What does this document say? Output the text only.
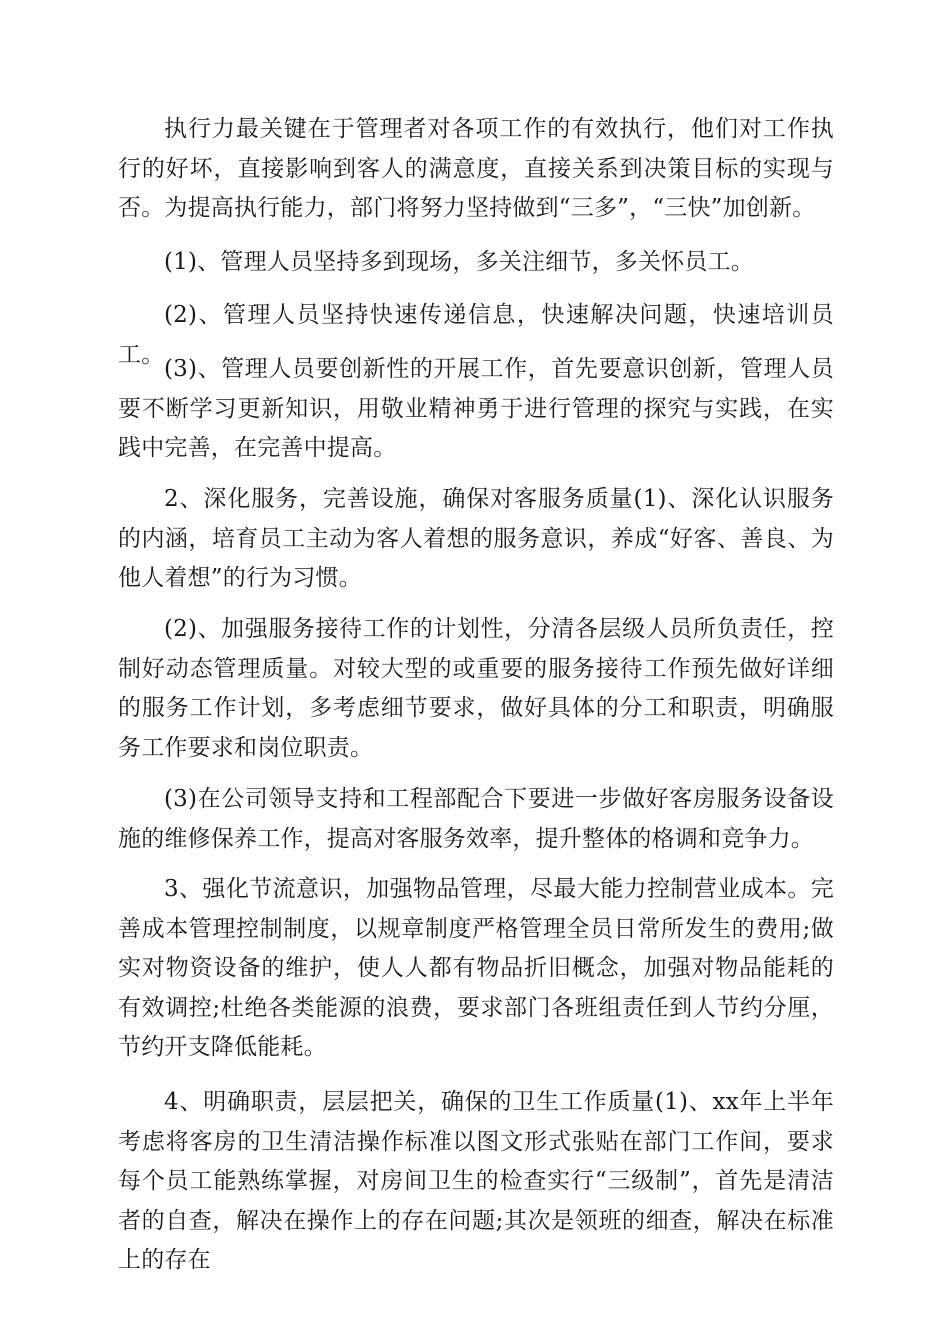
执行力最关键在于管理者对各项工作的有效执行，他们对工作执行的好坏，直接影响到客人的满意度，直接关系到决策目标的实现与否。为提高执行能力，部门将努力坚持做到“三多”，“三快”加创新。

(1)、管理人员坚持多到现场，多关注细节，多关怀员工。

(2)、管理人员坚持快速传递信息，快速解决问题，快速培训员工。

(3)、管理人员要创新性的开展工作，首先要意识创新，管理人员要不断学习更新知识，用敬业精神勇于进行管理的探究与实践，在实践中完善，在完善中提高。

2、深化服务，完善设施，确保对客服务质量(1)、深化认识服务的内涵，培育员工主动为客人着想的服务意识，养成“好客、善良、为他人着想”的行为习惯。

(2)、加强服务接待工作的计划性，分清各层级人员所负责任，控制好动态管理质量。对较大型的或重要的服务接待工作预先做好详细的服务工作计划，多考虑细节要求，做好具体的分工和职责，明确服务工作要求和岗位职责。

(3)在公司领导支持和工程部配合下要进一步做好客房服务设备设施的维修保养工作，提高对客服务效率，提升整体的格调和竞争力。

3、强化节流意识，加强物品管理，尽最大能力控制营业成本。完善成本管理控制制度，以规章制度严格管理全员日常所发生的费用;做实对物资设备的维护，使人人都有物品折旧概念，加强对物品能耗的有效调控;杜绝各类能源的浪费，要求部门各班组责任到人节约分厘，节约开支降低能耗。

4、明确职责，层层把关，确保的卫生工作质量(1)、xx年上半年考虑将客房的卫生清洁操作标准以图文形式张贴在部门工作间，要求每个员工能熟练掌握，对房间卫生的检查实行“三级制”，首先是清洁者的自查，解决在操作上的存在问题;其次是领班的细查，解决在标准上的存在
